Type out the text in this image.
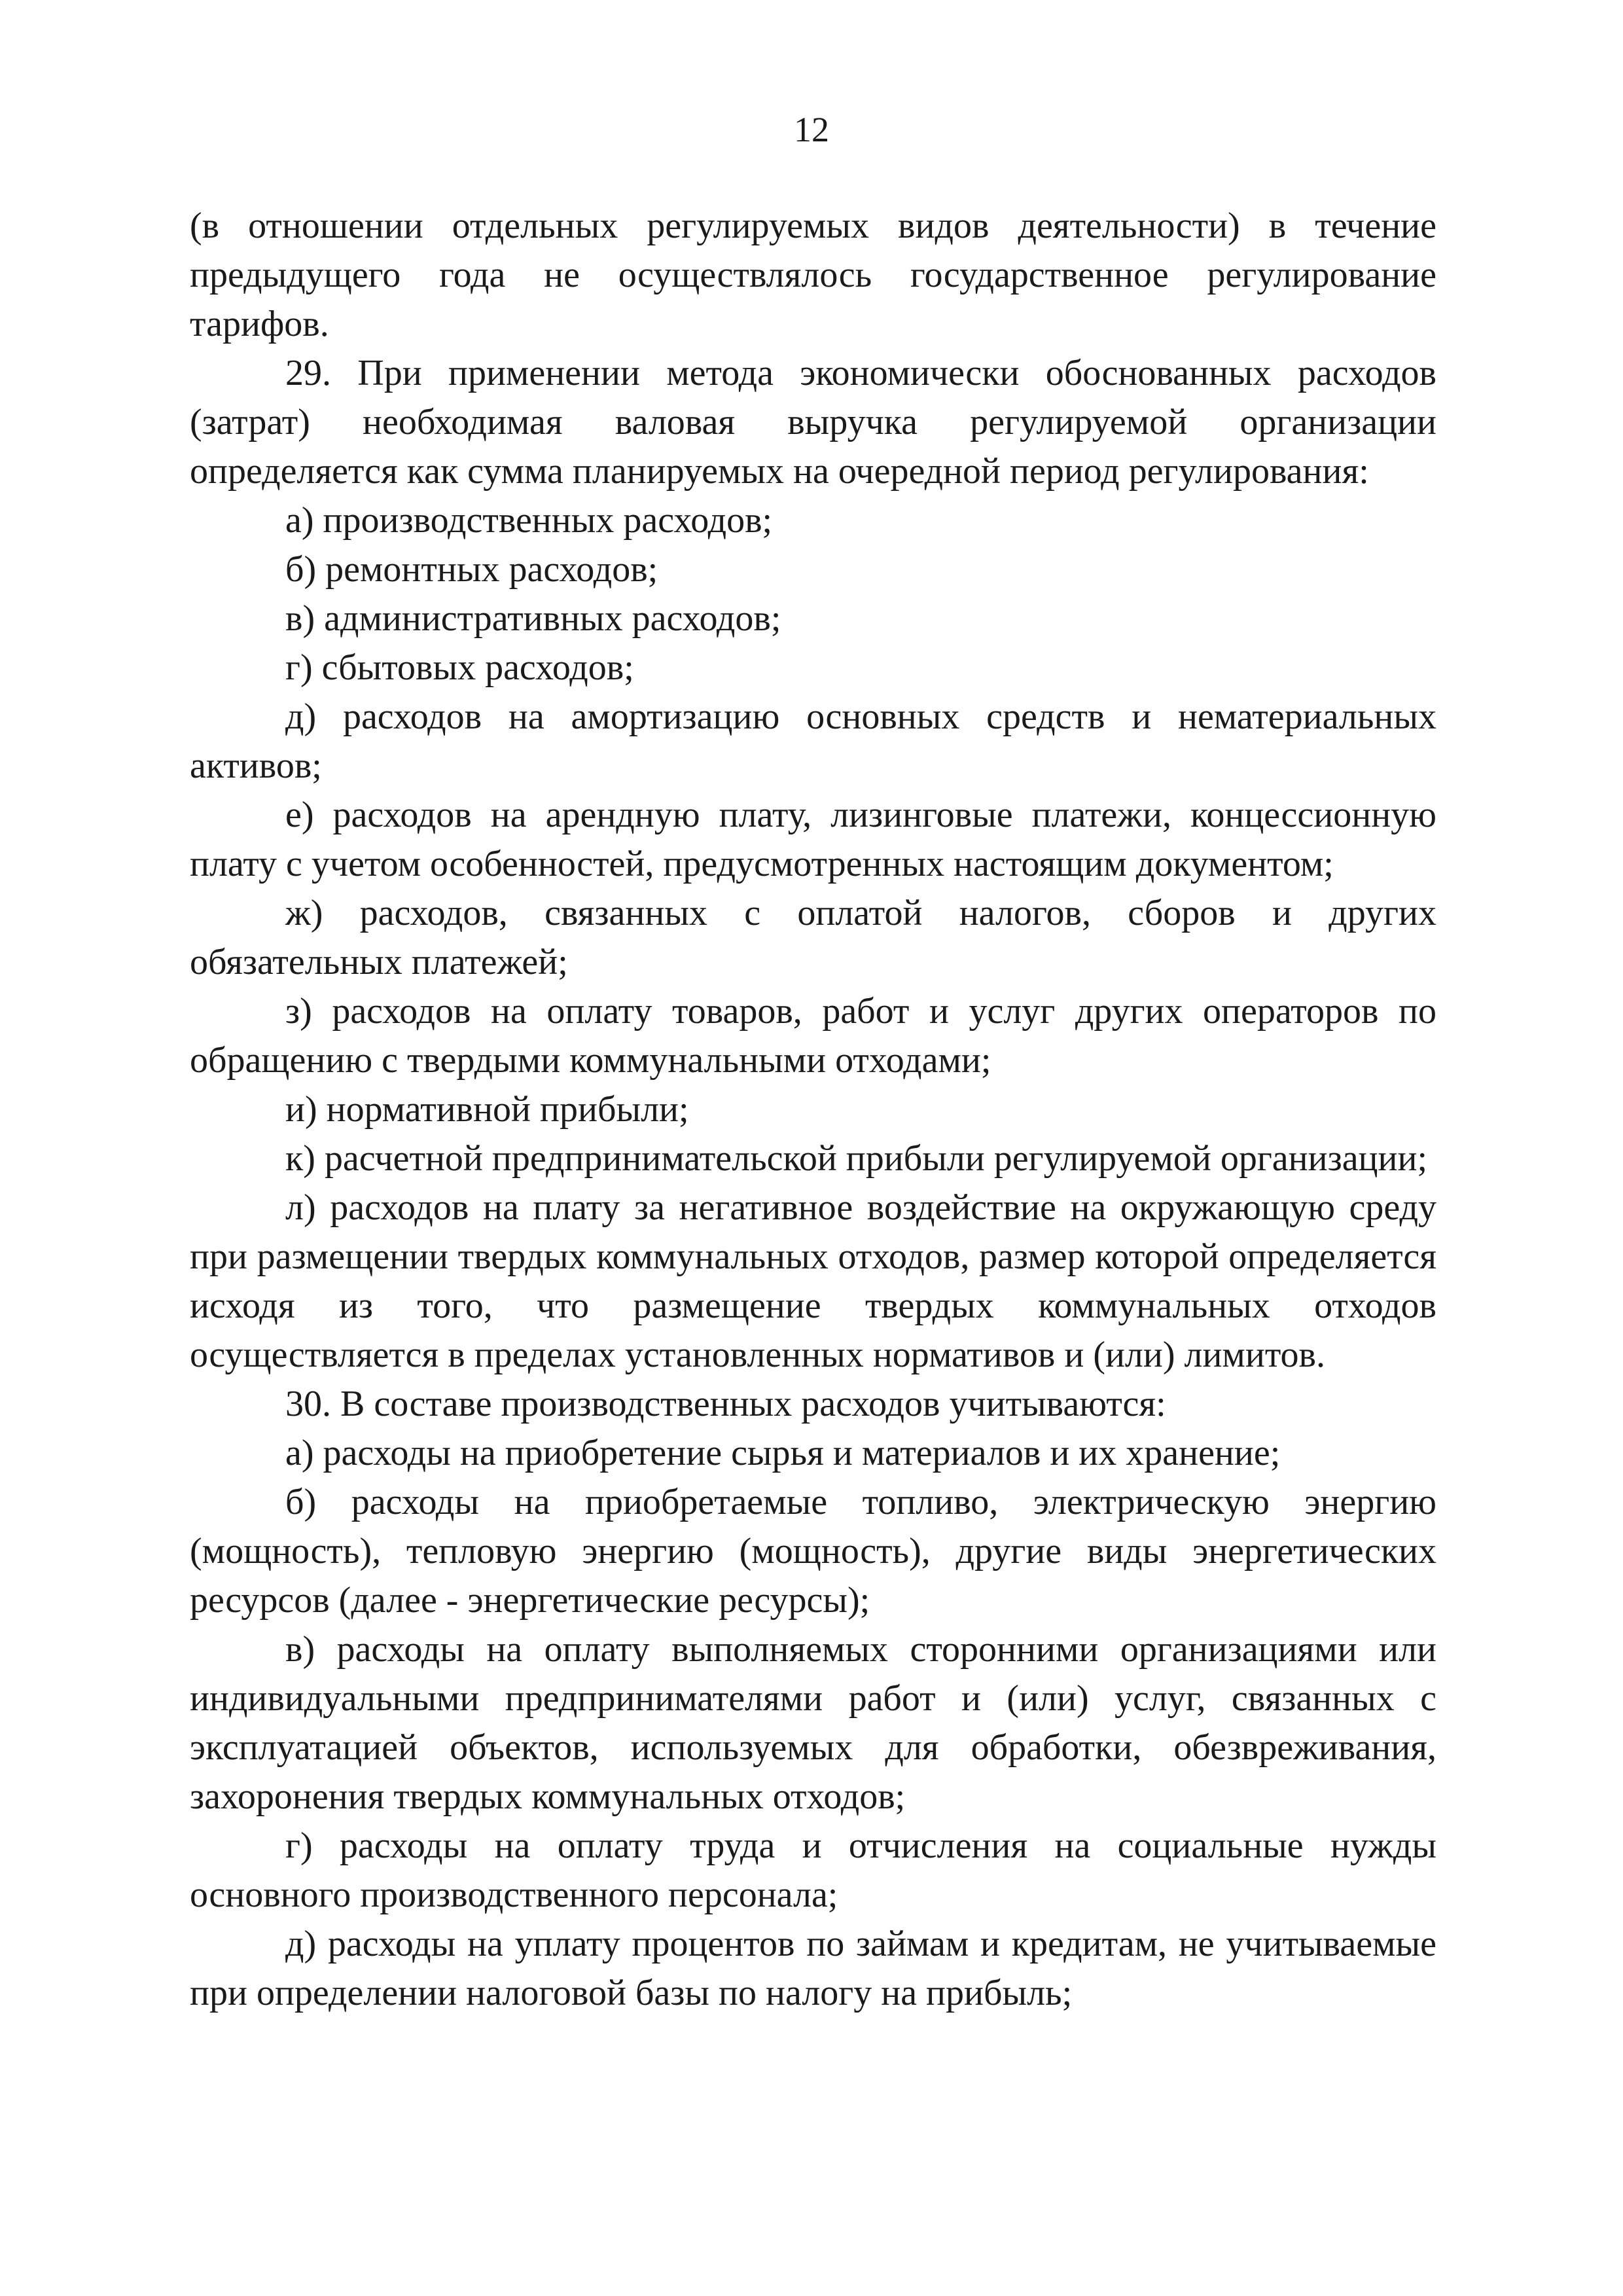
12

(в отношении отдельных регулируемых видов деятельности) в течение предыдущего года не осуществлялось государственное регулирование тарифов.

29. При применении метода экономически обоснованных расходов (затрат) необходимая валовая выручка регулируемой организации определяется как сумма планируемых на очередной период регулирования:

а) производственных расходов;

б) ремонтных расходов;

в) административных расходов;

г) сбытовых расходов;

д) расходов на амортизацию основных средств и нематериальных активов;

е) расходов на арендную плату, лизинговые платежи, концессионную плату с учетом особенностей, предусмотренных настоящим документом;

ж) расходов, связанных с оплатой налогов, сборов и других обязательных платежей;

з) расходов на оплату товаров, работ и услуг других операторов по обращению с твердыми коммунальными отходами;

и) нормативной прибыли;

к) расчетной предпринимательской прибыли регулируемой организации;

л) расходов на плату за негативное воздействие на окружающую среду при размещении твердых коммунальных отходов, размер которой определяется исходя из того, что размещение твердых коммунальных отходов осуществляется в пределах установленных нормативов и (или) лимитов.

30. В составе производственных расходов учитываются:

а) расходы на приобретение сырья и материалов и их хранение;

б) расходы на приобретаемые топливо, электрическую энергию (мощность), тепловую энергию (мощность), другие виды энергетических ресурсов (далее - энергетические ресурсы);

в) расходы на оплату выполняемых сторонними организациями или индивидуальными предпринимателями работ и (или) услуг, связанных с эксплуатацией объектов, используемых для обработки, обезвреживания, захоронения твердых коммунальных отходов;

г) расходы на оплату труда и отчисления на социальные нужды основного производственного персонала;

д) расходы на уплату процентов по займам и кредитам, не учитываемые при определении налоговой базы по налогу на прибыль;
